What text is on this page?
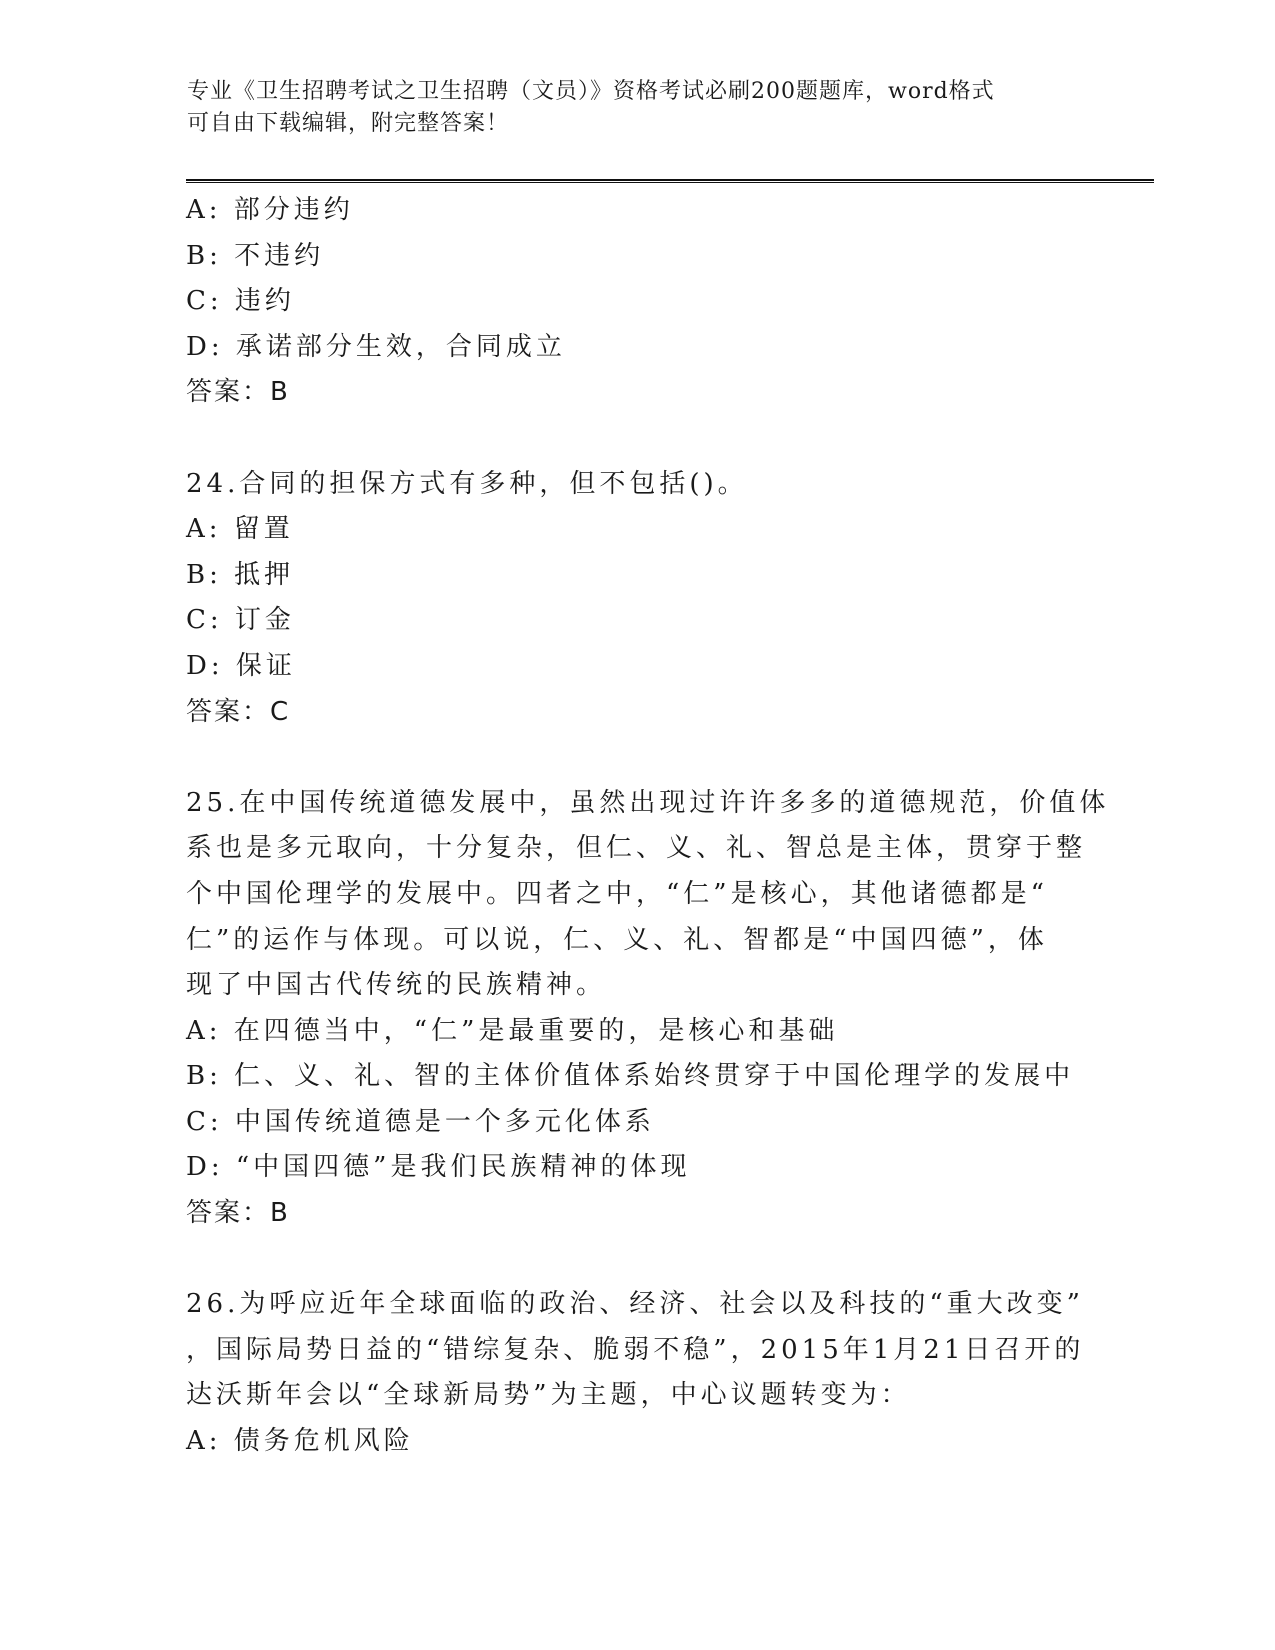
专业《卫生招聘考试之卫生招聘（文员）》资格考试必刷200题题库，word格式
可自由下载编辑，附完整答案！
A: 部分违约
B: 不违约
C: 违约
D: 承诺部分生效，合同成立
答案：B
24.合同的担保方式有多种，但不包括()。
A: 留置
B: 抵押
C: 订金
D: 保证
答案：C
25.在中国传统道德发展中，虽然出现过许许多多的道德规范，价值体
系也是多元取向，十分复杂，但仁、义、礼、智总是主体，贯穿于整
个中国伦理学的发展中。四者之中，“仁”是核心，其他诸德都是“
仁”的运作与体现。可以说，仁、义、礼、智都是“中国四德”，体
现了中国古代传统的民族精神。
A: 在四德当中，“仁”是最重要的，是核心和基础
B: 仁、义、礼、智的主体价值体系始终贯穿于中国伦理学的发展中
C: 中国传统道德是一个多元化体系
D: “中国四德”是我们民族精神的体现
答案：B
26.为呼应近年全球面临的政治、经济、社会以及科技的“重大改变”
，国际局势日益的“错综复杂、脆弱不稳”，2015年1月21日召开的
达沃斯年会以“全球新局势”为主题，中心议题转变为：
A: 债务危机风险
